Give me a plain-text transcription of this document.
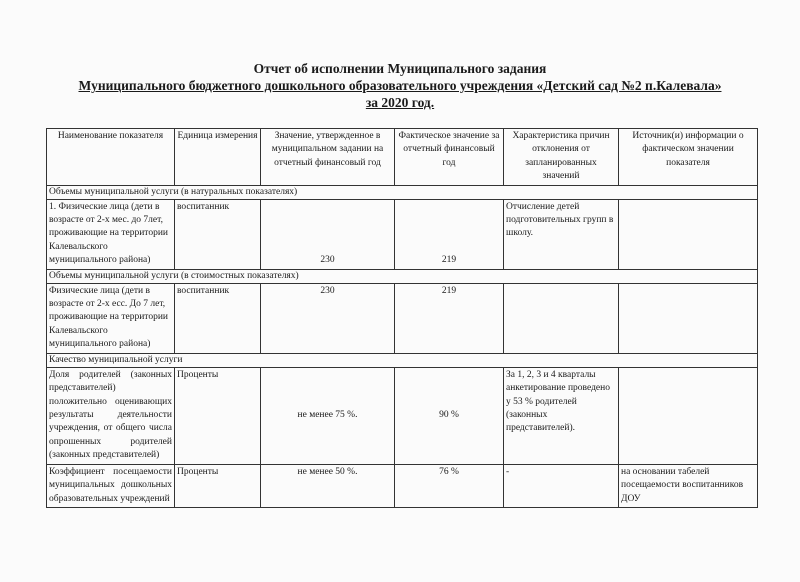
Отчет об исполнении Муниципального задания
Муниципального бюджетного дошкольного образовательного учреждения «Детский сад №2 п.Калевала»
за 2020 год.
Наименование показателя	Единица измерения	Значение, утвержденное в муниципальном задании на отчетный финансовый год	Фактическое значение за отчетный финансовый год	Характеристика причин отклонения от запланированных значений	Источник(и) информации о фактическом значении показателя
Объемы муниципальной услуги (в натуральных показателях)					
1. Физические лица (дети в возрасте от 2-х мес. до 7лет, проживающие на территории Калевальского муниципального района)	воспитанник	230	219	Отчисление детей подготовительных групп в школу.	
Объемы муниципальной услуги (в стоимостных показателях)					
Физические лица (дети в возрасте от 2-х есс. До 7 лет, проживающие на территории Калевальского муниципального района)	воспитанник	230	219		
Качество муниципальной услуги					
Доля родителей (законных представителей) положительно оценивающих результаты деятельности учреждения, от общего числа опрошенных родителей (законных представителей)	Проценты	не менее 75 %.	90 %	За 1, 2, 3 и 4 кварталы анкетирование проведено у 53 % родителей (законных представителей).	
Коэффициент посещаемости муниципальных дошкольных образовательных учреждений	Проценты	не менее 50 %.	76 %	-	на основании табелей посещаемости воспитанников ДОУ
